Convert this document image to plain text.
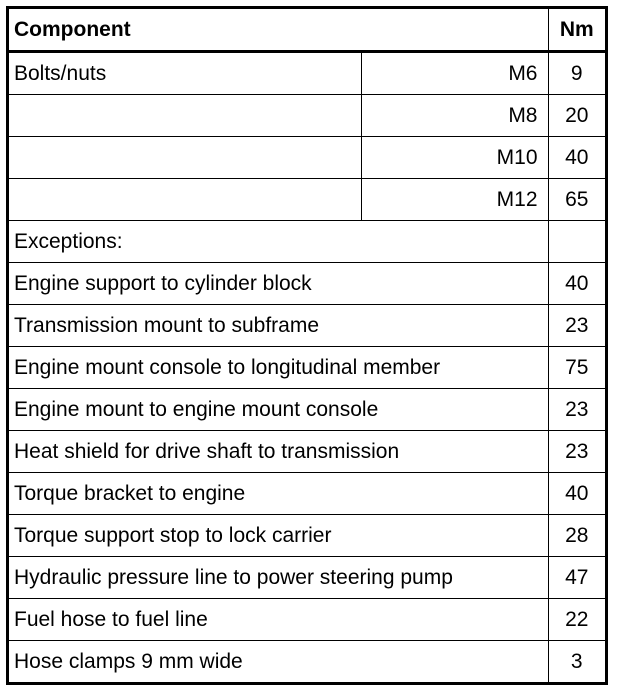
Component		Nm
Bolts/nuts	M6	9
	M8	20
	M10	40
	M12	65
Exceptions:		
Engine support to cylinder block		40
Transmission mount to subframe		23
Engine mount console to longitudinal member		75
Engine mount to engine mount console		23
Heat shield for drive shaft to transmission		23
Torque bracket to engine		40
Torque support stop to lock carrier		28
Hydraulic pressure line to power steering pump		47
Fuel hose to fuel line		22
Hose clamps 9 mm wide		3
